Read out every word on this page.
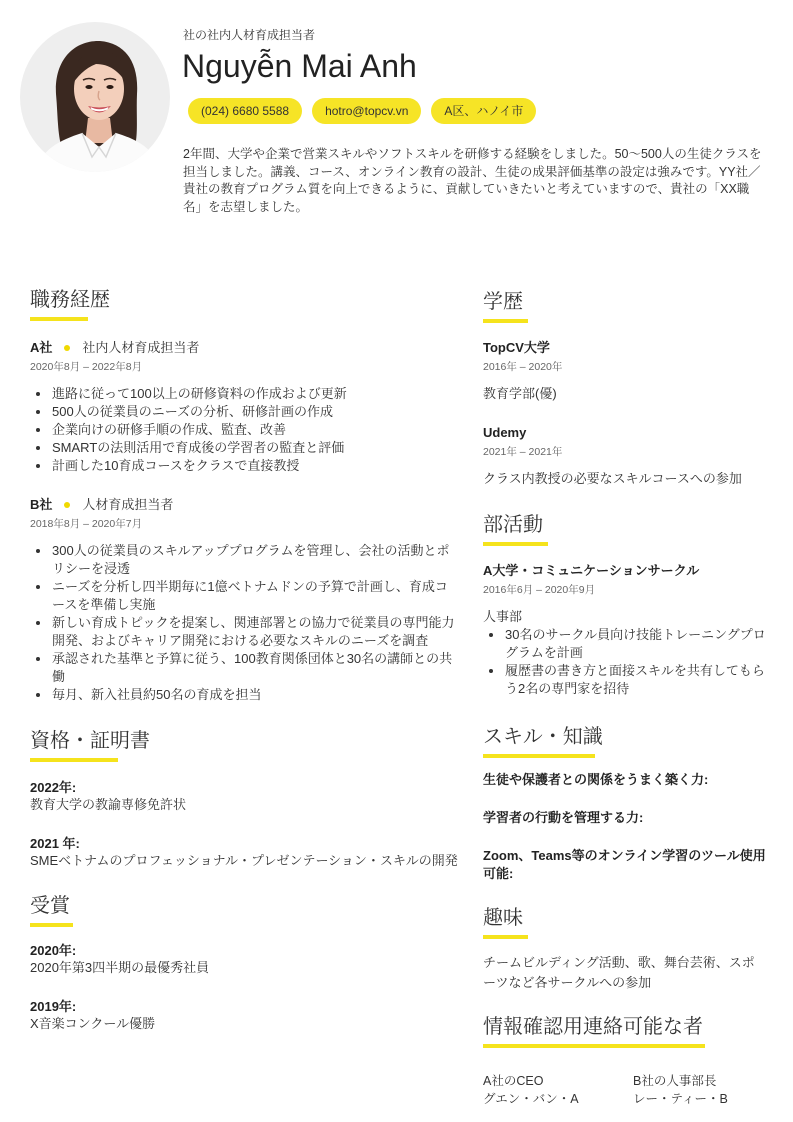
社の社内人材育成担当者
Nguyễn Mai Anh
(024) 6680 5588	hotro@topcv.vn	A区、ハノイ市

2年間、大学や企業で営業スキルやソフトスキルを研修する経験をしました。50～500人の生徒クラスを担当しました。講義、コース、オンライン教育の設計、生徒の成果評価基準の設定は強みです。YY社／貴社の教育プログラム質を向上できるように、貢献していきたいと考えていますので、貴社の「XX職名」を志望しました。

職務経歴
A社 社内人材育成担当者
2020年8月 – 2022年8月
進路に従って100以上の研修資料の作成および更新
500人の従業員のニーズの分析、研修計画の作成
企業向けの研修手順の作成、監査、改善
SMARTの法則活用で育成後の学習者の監査と評価
計画した10育成コースをクラスで直接教授
B社 人材育成担当者
2018年8月 – 2020年7月
300人の従業員のスキルアッププログラムを管理し、会社の活動とポリシーを浸透
ニーズを分析し四半期毎に1億ベトナムドンの予算で計画し、育成コースを準備し実施
新しい育成トピックを提案し、関連部署との協力で従業員の専門能力開発、およびキャリア開発における必要なスキルのニーズを調査
承認された基準と予算に従う、100教育関係団体と30名の講師との共働
毎月、新入社員約50名の育成を担当
資格・証明書
2022年:
教育大学の教諭専修免許状
2021 年:
SMEベトナムのプロフェッショナル・プレゼンテーション・スキルの開発
受賞
2020年:
2020年第3四半期の最優秀社員
2019年:
X音楽コンクール優勝
学歴
TopCV大学
2016年 – 2020年
教育学部(優)
Udemy
2021年 – 2021年
クラス内教授の必要なスキルコースへの参加
部活動
A大学・コミュニケーションサークル
2016年6月 – 2020年9月
人事部
30名のサークル員向け技能トレーニングプログラムを計画
履歴書の書き方と面接スキルを共有してもらう2名の専門家を招待
スキル・知識
生徒や保護者との関係をうまく築く力:
学習者の行動を管理する力:
Zoom、Teams等のオンライン学習のツール使用可能:
趣味

チームビルディング活動、歌、舞台芸術、スポーツなど各サークルへの参加

情報確認用連絡可能な者
A社のCEO	B社の人事部長
グエン・バン・A	レー・ティー・B
